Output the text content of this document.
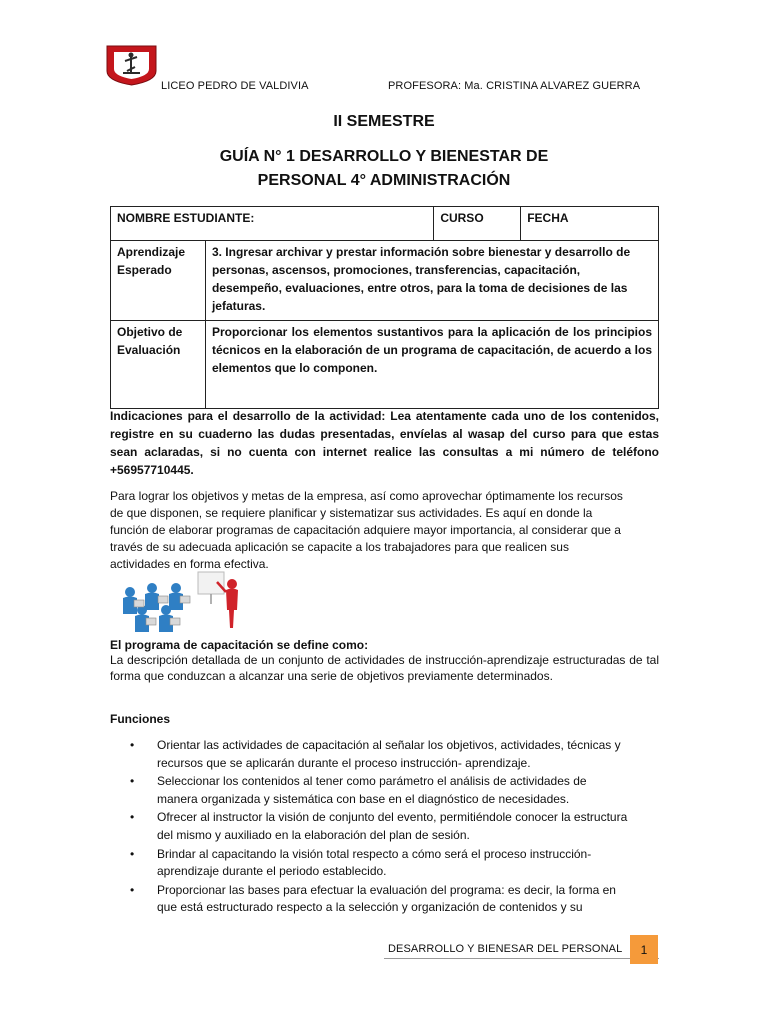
LICEO PEDRO DE VALDIVIA	PROFESORA: Ma. CRISTINA ALVAREZ GUERRA
II SEMESTRE
GUÍA N° 1 DESARROLLO Y BIENESTAR DE
PERSONAL 4° ADMINISTRACIÓN
NOMBRE ESTUDIANTE:		CURSO	FECHA
Aprendizaje Esperado	3. Ingresar archivar y prestar información sobre bienestar y desarrollo de personas, ascensos, promociones, transferencias, capacitación, desempeño, evaluaciones, entre otros, para la toma de decisiones de las jefaturas.		
Objetivo de Evaluación	Proporcionar los elementos sustantivos para la aplicación de los principios técnicos en la elaboración de un programa de capacitación, de acuerdo a los elementos que lo componen.		
Indicaciones para el desarrollo de la actividad: Lea atentamente cada uno de los contenidos, registre en su cuaderno las dudas presentadas, envíelas al wasap del curso para que estas sean aclaradas, si no cuenta con internet realice las consultas a mi número de teléfono +56957710445.
Para lograr los objetivos y metas de la empresa, así como aprovechar óptimamente los recursos de que disponen, se requiere planificar y sistematizar sus actividades. Es aquí en donde la función de elaborar programas de capacitación adquiere mayor importancia, al considerar que a través de su adecuada aplicación se capacite a los trabajadores para que realicen sus actividades en forma efectiva.
El programa de capacitación se define como:
La descripción detallada de un conjunto de actividades de instrucción-aprendizaje estructuradas de tal forma que conduzcan a alcanzar una serie de objetivos previamente determinados.
Funciones
• Orientar las actividades de capacitación al señalar los objetivos, actividades, técnicas y recursos que se aplicarán durante el proceso instrucción- aprendizaje.
• Seleccionar los contenidos al tener como parámetro el análisis de actividades de manera organizada y sistemática con base en el diagnóstico de necesidades.
• Ofrecer al instructor la visión de conjunto del evento, permitiéndole conocer la estructura del mismo y auxiliado en la elaboración del plan de sesión.
• Brindar al capacitando la visión total respecto a cómo será el proceso instrucción-aprendizaje durante el periodo establecido.
• Proporcionar las bases para efectuar la evaluación del programa: es decir, la forma en que está estructurado respecto a la selección y organización de contenidos y su
DESARROLLO Y BIENESAR DEL PERSONAL	1
